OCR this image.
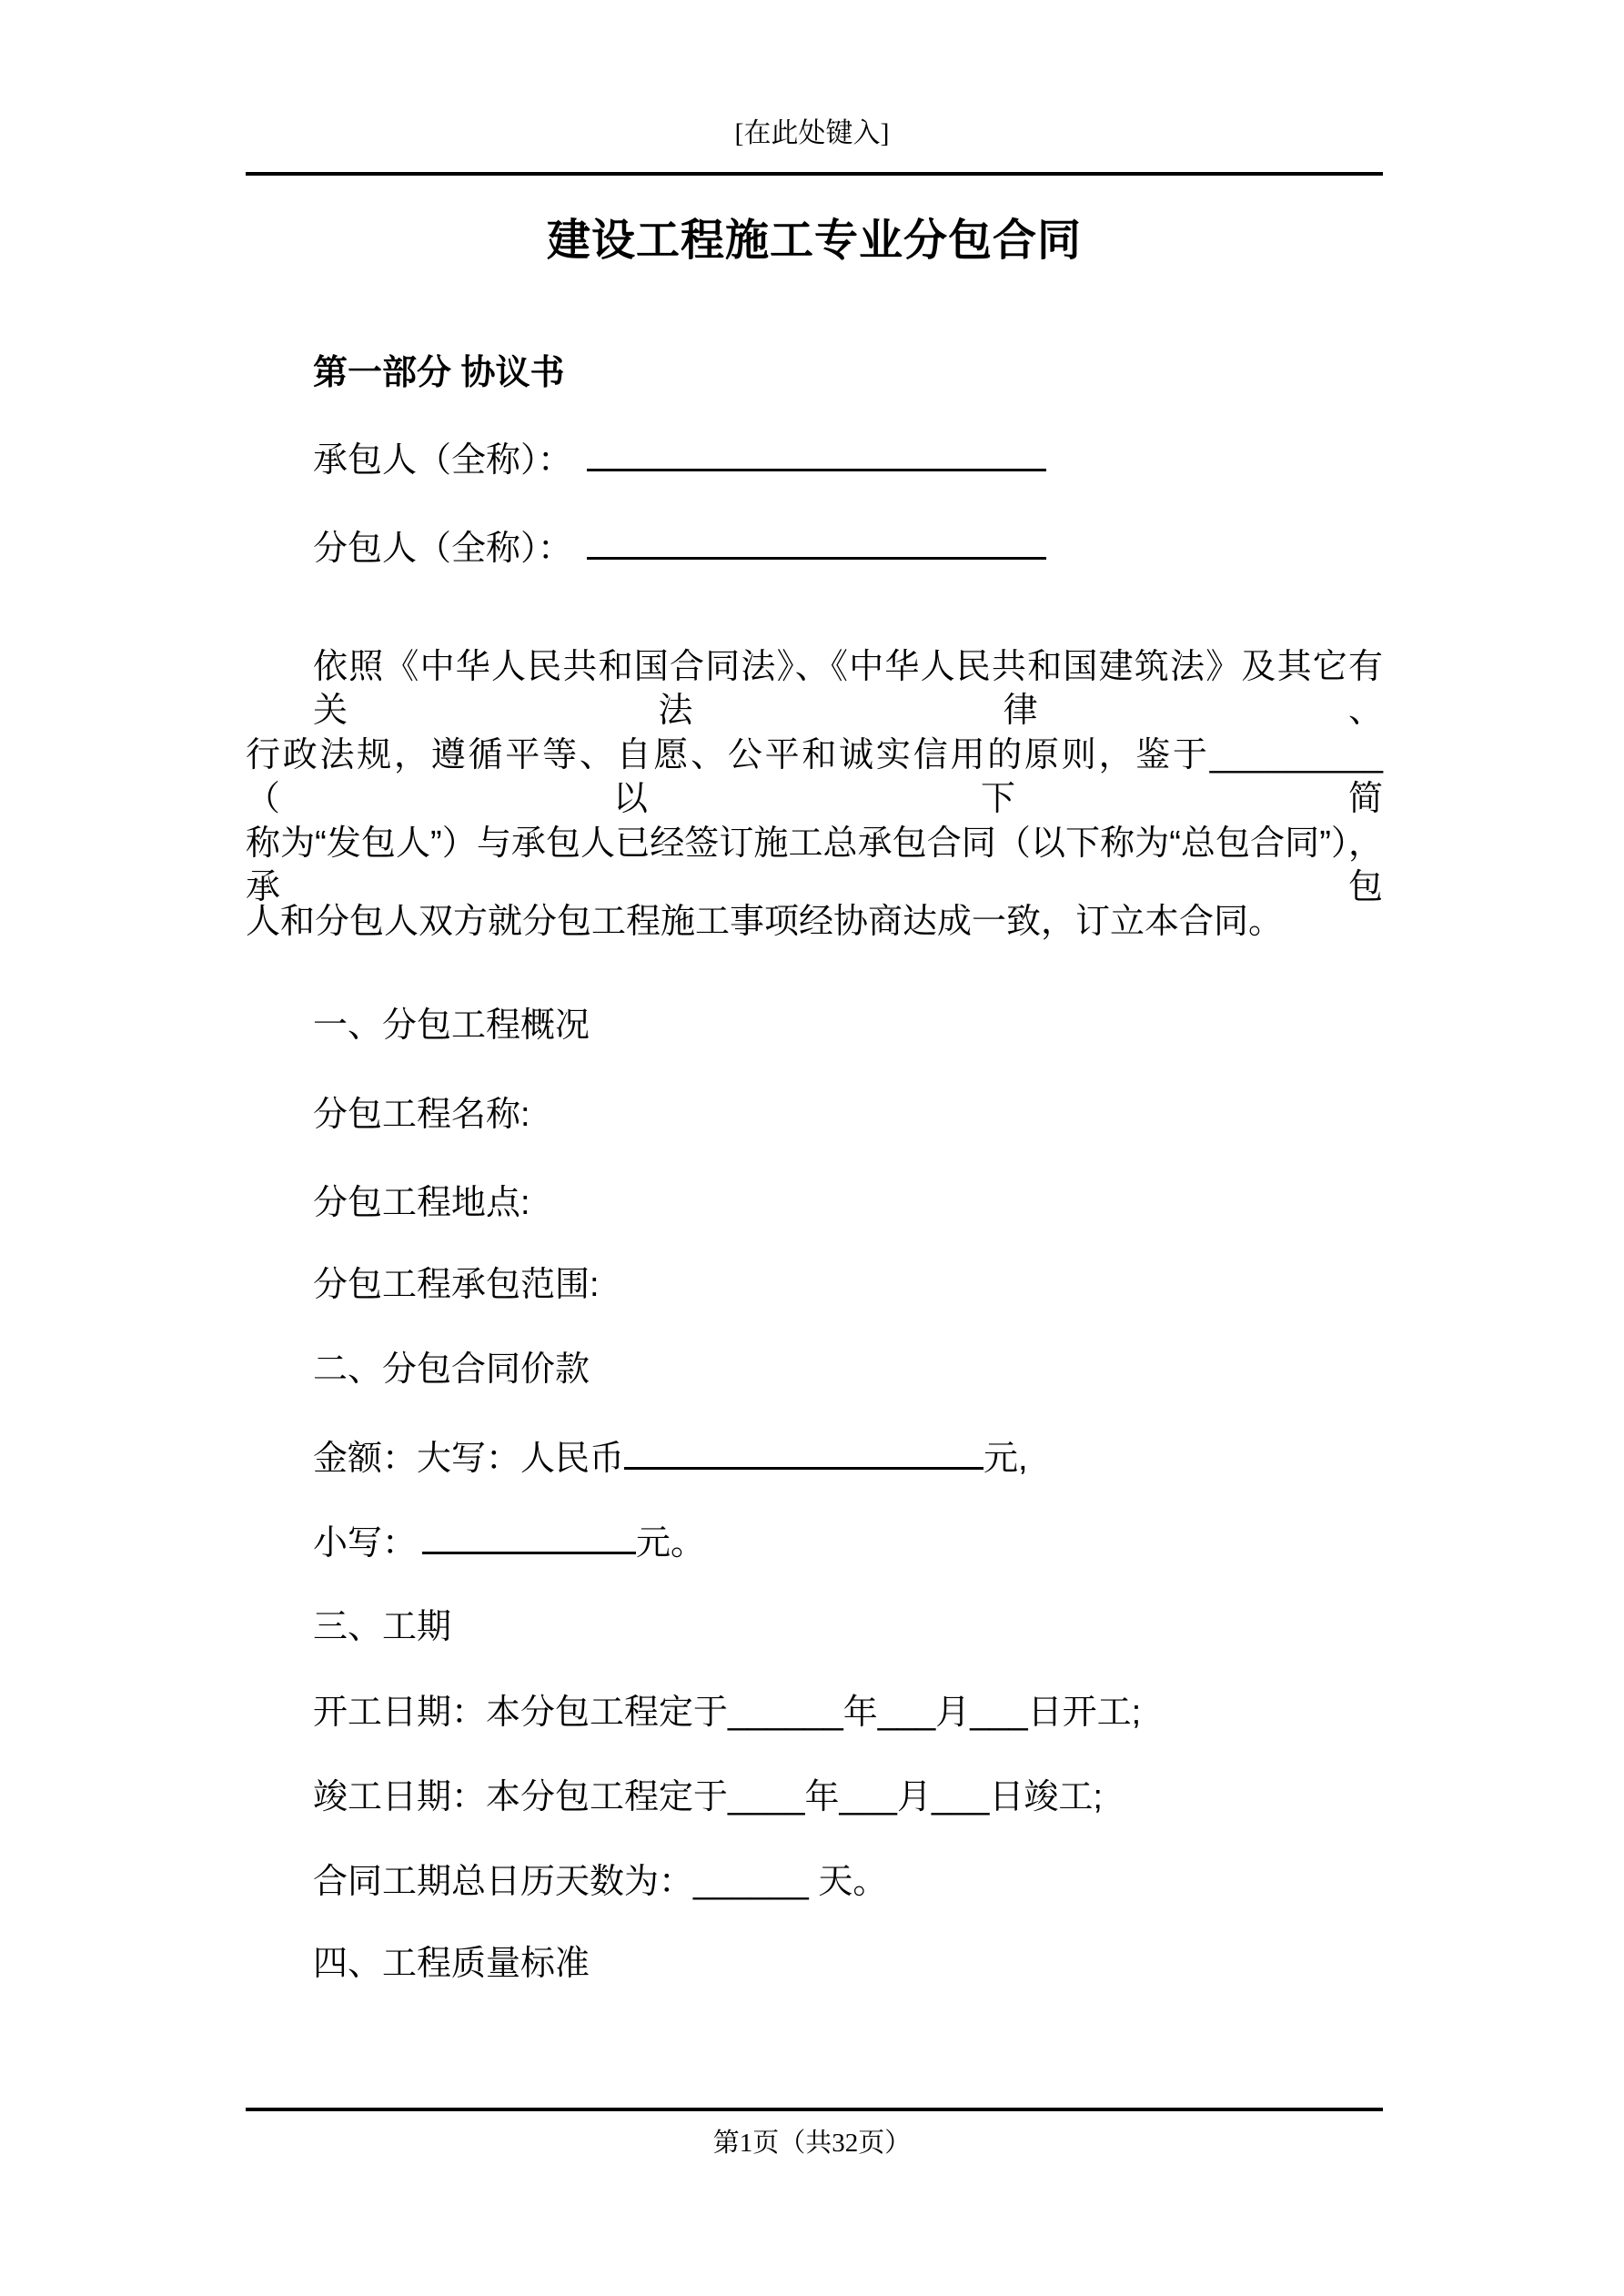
[在此处键入]
建设工程施工专业分包合同
第一部分 协议书
承包人（全称）：
分包人（全称）：
依照《中华人民共和国合同法》、《中华人民共和国建筑法》及其它有关法律、
行政法规，遵循平等、自愿、公平和诚实信用的原则，鉴于_________ （以下简
称为“发包人”）与承包人已经签订施工总承包合同（以下称为“总包合同”），承包
人和分包人双方就分包工程施工事项经协商达成一致，订立本合同。
一、分包工程概况
分包工程名称:
分包工程地点:
分包工程承包范围:
二、分包合同价款
金额：大写：人民币	元,
小写：	元。
三、工期
开工日期：本分包工程定于______年___月___日开工;
竣工日期：本分包工程定于____年___月___日竣工;
合同工期总日历天数为：______ 天。
四、工程质量标准
第1页（共32页）
